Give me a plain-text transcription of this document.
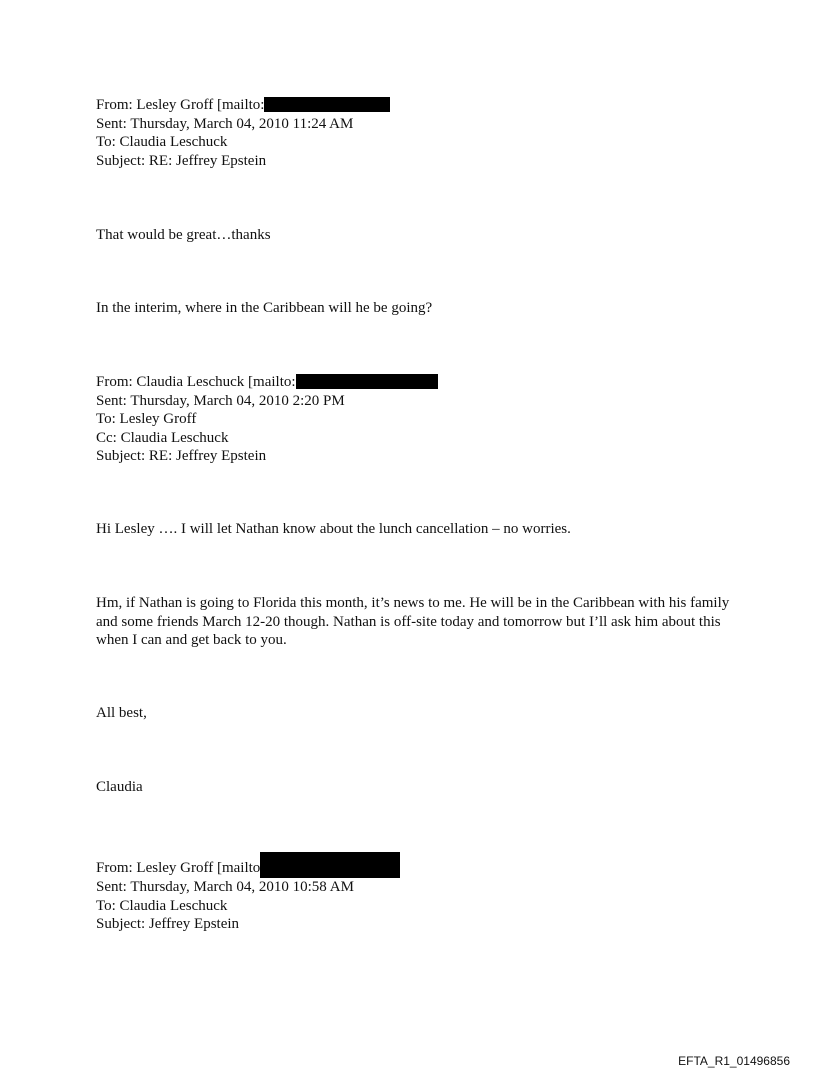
From: Lesley Groff [mailto:
Sent: Thursday, March 04, 2010 11:24 AM
To: Claudia Leschuck
Subject: RE: Jeffrey Epstein
That would be great…thanks
In the interim, where in the Caribbean will he be going?
From: Claudia Leschuck [mailto:
Sent: Thursday, March 04, 2010 2:20 PM
To: Lesley Groff
Cc: Claudia Leschuck
Subject: RE: Jeffrey Epstein
Hi Lesley …. I will let Nathan know about the lunch cancellation – no worries.
Hm, if Nathan is going to Florida this month, it’s news to me. He will be in the Caribbean with his family and some friends March 12-20 though. Nathan is off-site today and tomorrow but I’ll ask him about this when I can and get back to you.
All best,
Claudia
From: Lesley Groff [mailto
Sent: Thursday, March 04, 2010 10:58 AM
To: Claudia Leschuck
Subject: Jeffrey Epstein
EFTA_R1_01496856
